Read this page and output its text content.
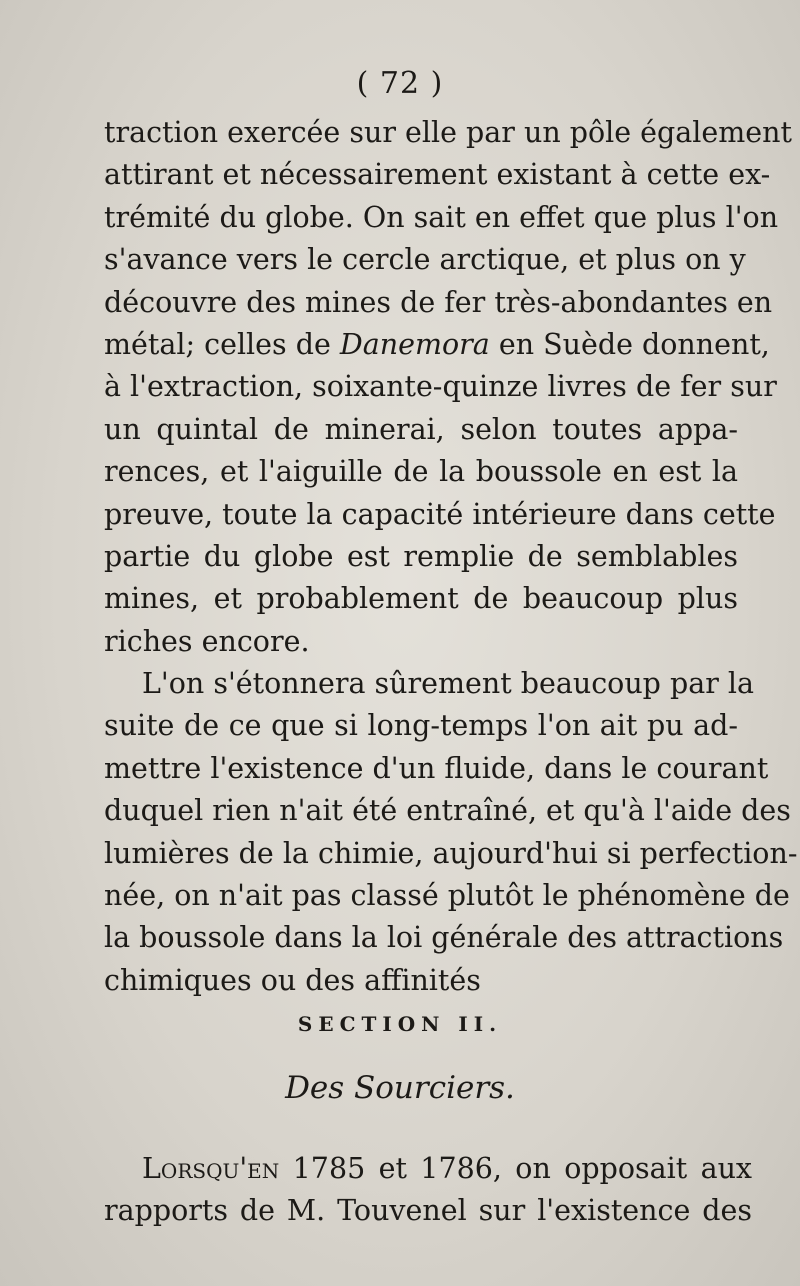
( 72 )
traction exercée sur elle par un pôle également
attirant et nécessairement existant à cette ex-
trémité du globe. On sait en effet que plus l'on
s'avance vers le cercle arctique, et plus on y
découvre des mines de fer très-abondantes en
métal; celles de Danemora en Suède donnent,
à l'extraction, soixante-quinze livres de fer sur
un quintal de minerai, selon toutes appa-
rences, et l'aiguille de la boussole en est la
preuve, toute la capacité intérieure dans cette
partie du globe est remplie de semblables
mines, et probablement de beaucoup plus
riches encore.
L'on s'étonnera sûrement beaucoup par la
suite de ce que si long-temps l'on ait pu ad-
mettre l'existence d'un fluide, dans le courant
duquel rien n'ait été entraîné, et qu'à l'aide des
lumières de la chimie, aujourd'hui si perfection-
née, on n'ait pas classé plutôt le phénomène de
la boussole dans la loi générale des attractions
chimiques ou des affinités
SECTION II.
Des Sourciers.
Lorsqu'en 1785 et 1786, on opposait aux
rapports de M. Touvenel sur l'existence des
